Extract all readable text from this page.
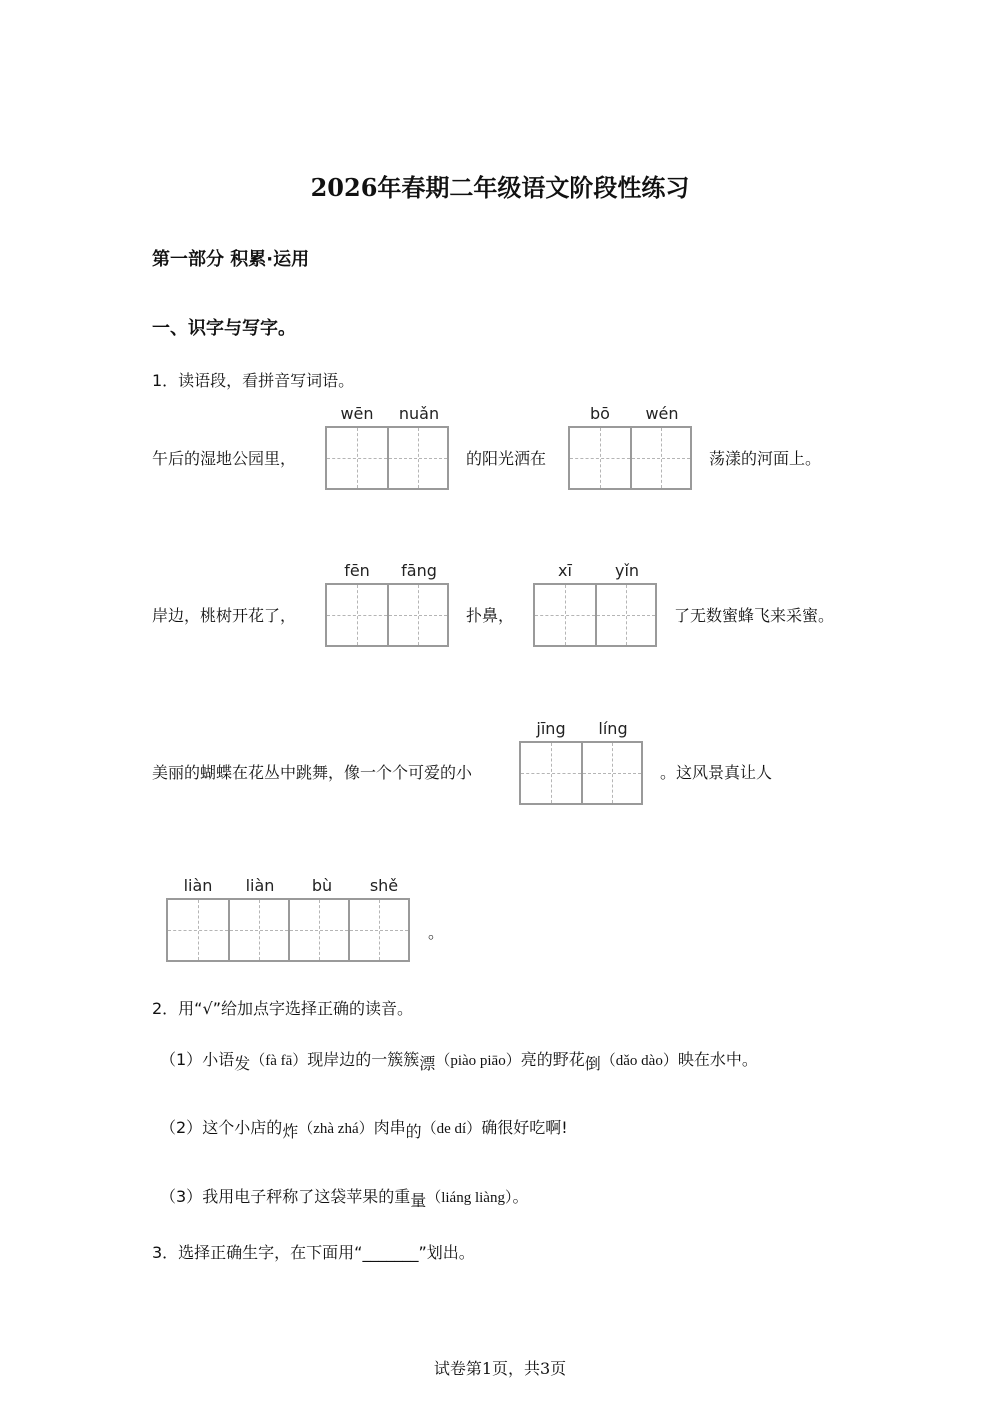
2026年春期二年级语文阶段性练习
第一部分 积累·运用
一、识字与写字。
1．读语段，看拼音写词语。
午后的湿地公园里，
wēn	nuǎn
的阳光洒在
bō	wén
荡漾的河面上。
岸边，桃树开花了，
fēn	fāng
扑鼻，
xī	yǐn
了无数蜜蜂飞来采蜜。
美丽的蝴蝶在花丛中跳舞，像一个个可爱的小
jīng	líng
。这风景真让人
liàn	liàn	bù	shě
。
2．用“√”给加点字选择正确的读音。
（1）小语发（fà fā）现岸边的一簇簇漂（piào piāo）亮的野花倒（dǎo dào）映在水中。
（2）这个小店的炸（zhà zhá）肉串的（de dí）确很好吃啊!
（3）我用电子秤称了这袋苹果的重量（liáng liàng）。
3．选择正确生字，在下面用“_______”划出。
试卷第1页，共3页
